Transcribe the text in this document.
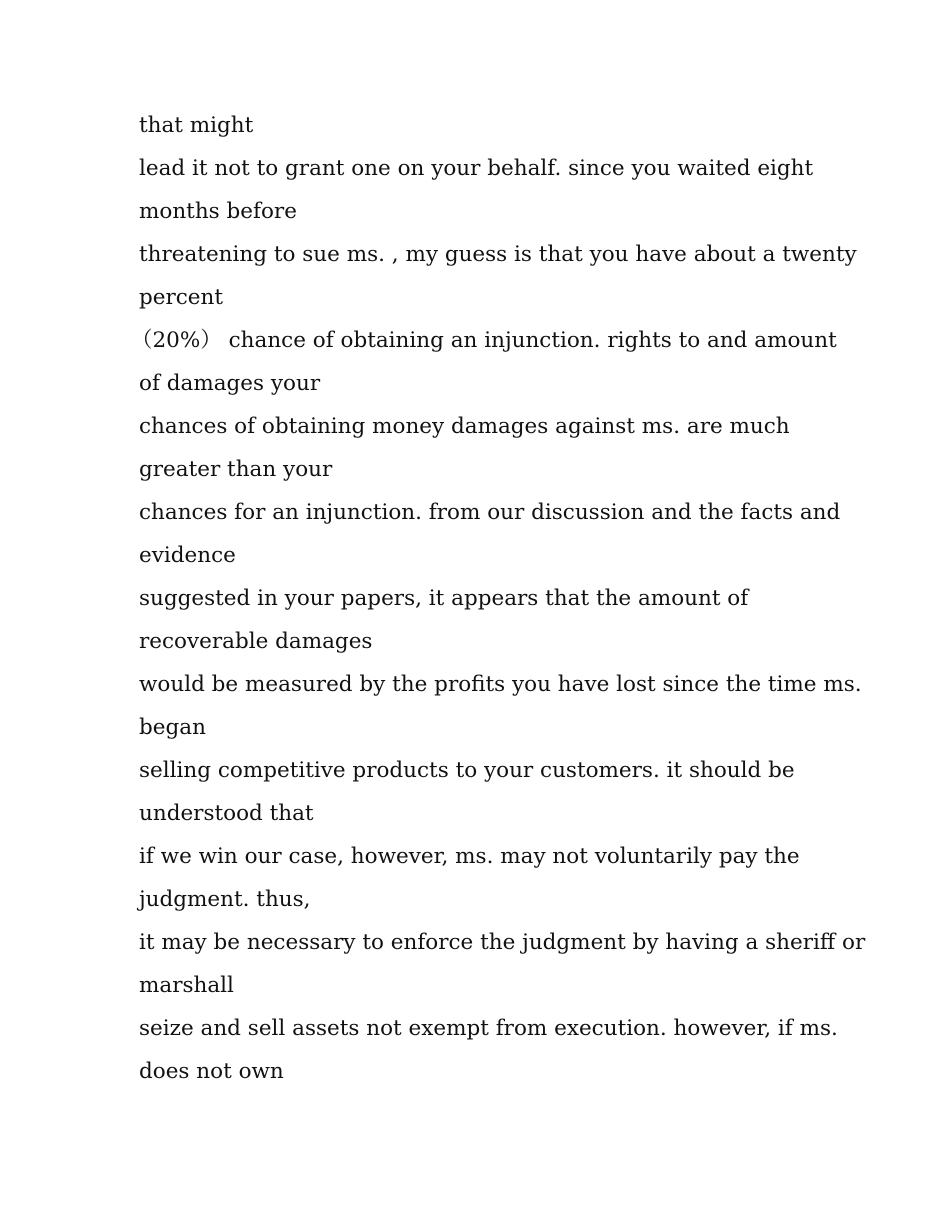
that might
lead it not to grant one on your behalf. since you waited eight
months before
threatening to sue ms. , my guess is that you have about a twenty
percent
（20%） chance of obtaining an injunction. rights to and amount
of damages your
chances of obtaining money damages against ms. are much
greater than your
chances for an injunction. from our discussion and the facts and
evidence
suggested in your papers, it appears that the amount of
recoverable damages
would be measured by the profits you have lost since the time ms.
began
selling competitive products to your customers. it should be
understood that
if we win our case, however, ms. may not voluntarily pay the
judgment. thus,
it may be necessary to enforce the judgment by having a sheriff or
marshall
seize and sell assets not exempt from execution. however, if ms.
does not own
